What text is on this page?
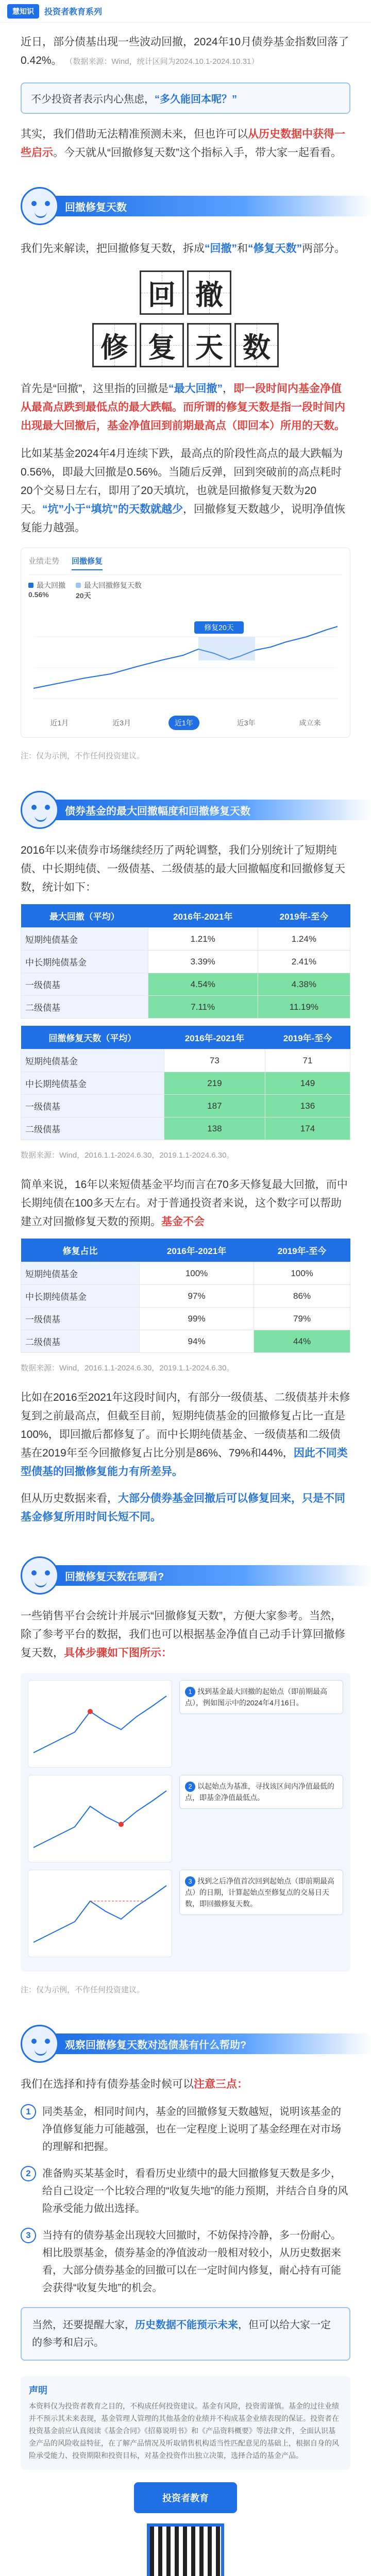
慧知识	投资者教育系列

近日，部分债基出现一些波动回撤，2024年10月债券基金指数回落了0.42%。 （数据来源：Wind，统计区间为2024.10.1-2024.10.31）

不少投资者表示内心焦虑，“多久能回本呢？”

其实，我们借助无法精准预测未来，但也许可以从历史数据中获得一些启示。今天就从“回撤修复天数”这个指标入手，带大家一起看看。

回撤修复天数

我们先来解读，把回撤修复天数，拆成“回撤”和“修复天数”两部分。

回 撤
修 复 天 数

首先是“回撤”，这里指的回撤是“最大回撤”，即一段时间内基金净值从最高点跌到最低点的最大跌幅。而所谓的修复天数是指一段时间内出现最大回撤后，基金净值回到前期最高点（即回本）所用的天数。

比如某基金2024年4月连续下跌，最高点的阶段性高点的最大跌幅为0.56%，即最大回撤是0.56%。当随后反弹，回到突破前的高点耗时20个交易日左右，即用了20天填坑，也就是回撤修复天数为20天。“坑”小于“填坑”的天数就越少，回撤修复天数越少，说明净值恢复能力越强。

业绩走势 回撤修复
最大回撤
0.56%
最大回撤修复天数
20天
修复20天
近1月	近3月	近1年	近3年	成立来
注：仅为示例，不作任何投资建议。
债券基金的最大回撤幅度和回撤修复天数

2016年以来债券市场继续经历了两轮调整，我们分别统计了短期纯债、中长期纯债、一级债基、二级债基的最大回撤幅度和回撤修复天数，统计如下：

最大回撤（平均）	2016年-2021年	2019年-至今
短期纯债基金	1.21%	1.24%
中长期纯债基金	3.39%	2.41%
一级债基	4.54%	4.38%
二级债基	7.11%	11.19%
回撤修复天数（平均）	2016年-2021年	2019年-至今
短期纯债基金	73	71
中长期纯债基金	219	149
一级债基	187	136
二级债基	138	174
数据来源：Wind，2016.1.1-2024.6.30，2019.1.1-2024.6.30。

简单来说，16年以来短债基金平均而言在70多天修复最大回撤，而中长期纯债在100多天左右。对于普通投资者来说，这个数字可以帮助建立对回撤修复天数的预期。基金不会

修复占比	2016年-2021年	2019年-至今
短期纯债基金	100%	100%
中长期纯债基金	97%	86%
一级债基	99%	79%
二级债基	94%	44%
数据来源：Wind，2016.1.1-2024.6.30，2019.1.1-2024.6.30。

比如在2016至2021年这段时间内，有部分一级债基、二级债基并未修复到之前最高点，但截至目前，短期纯债基金的回撤修复占比一直是100%，即回撤后都修复了。而中长期纯债基金、一级债基和二级债基在2019年至今回撤修复占比分别是86%、79%和44%，因此不同类型债基的回撤修复能力有所差异。

但从历史数据来看，大部分债券基金回撤后可以修复回来，只是不同基金修复所用时间长短不同。

回撤修复天数在哪看?

一些销售平台会统计并展示“回撤修复天数”，方便大家参考。当然，除了参考平台的数据，我们也可以根据基金净值自己动手计算回撤修复天数，具体步骤如下图所示：

1 找到基金最大回撤的起始点（即前期最高点），例如图示中的2024年4月16日。
2 以起始点为基准，寻找该区间内净值最低的点，即基金净值最低点。
3 找到之后净值首次回到起始点（即前期最高点）的日期，计算起始点至修复点的交易日天数，即回撤修复天数。
注：仅为示例，不作任何投资建议。
观察回撤修复天数对选债基有什么帮助?

我们在选择和持有债券基金时候可以注意三点：

1	同类基金，相同时间内，基金的回撤修复天数越短，说明该基金的净值修复能力可能越强，也在一定程度上说明了基金经理在对市场的理解和把握。
2	准备购买某基金时，看看历史业绩中的最大回撤修复天数是多少，给自己设定一个比较合理的“收复失地”的能力预期，并结合自身的风险承受能力做出选择。
3	当持有的债券基金出现较大回撤时，不妨保持冷静，多一份耐心。相比股票基金，债券基金的净值波动一般相对较小，从历史数据来看，大部分债券基金的回撤可以在一定时间内修复，耐心持有可能会获得“收复失地”的机会。
当然，还要提醒大家，历史数据不能预示未来，但可以给大家一定的参考和启示。
声明

本资料仅为投资者教育之目的，不构成任何投资建议。基金有风险，投资需谨慎。基金的过往业绩并不预示其未来表现，基金管理人管理的其他基金的业绩并不构成基金业绩表现的保证。投资者在投资基金前应认真阅读《基金合同》《招募说明书》和《产品资料概要》等法律文件，全面认识基金产品的风险收益特征，在了解产品情况及听取销售机构适当性匹配意见的基础上，根据自身的风险承受能力、投资期限和投资目标，对基金投资作出独立决策，选择合适的基金产品。

投资者教育
